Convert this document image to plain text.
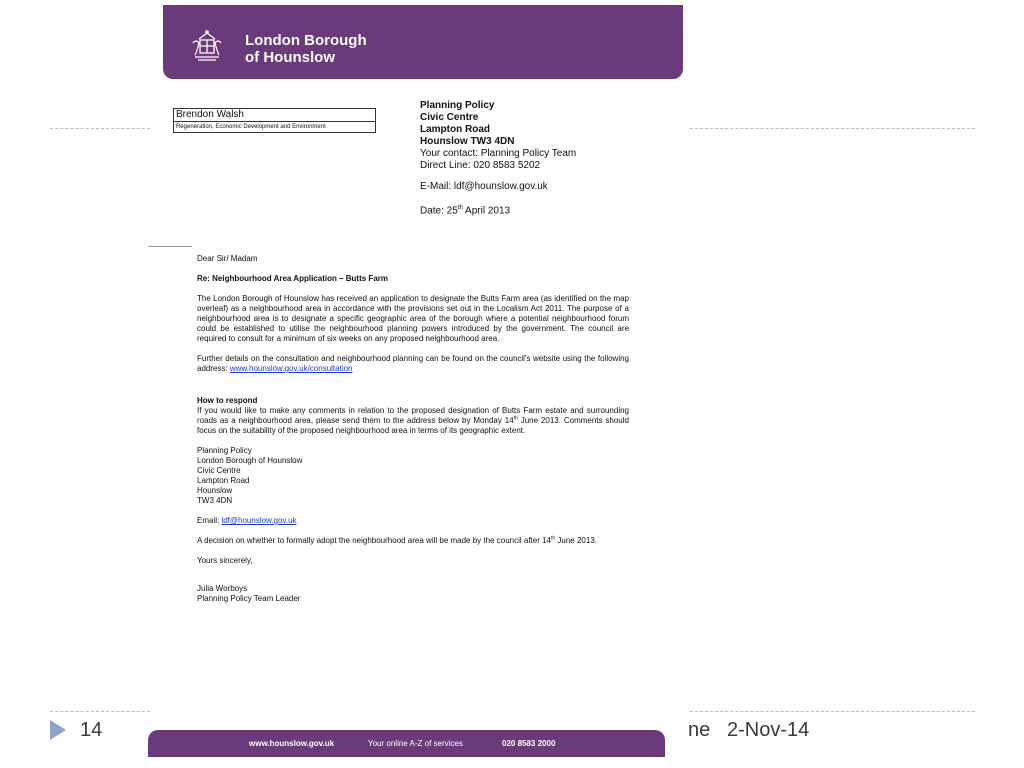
14	ne 2-Nov-14
London Borough
of Hounslow
Brendon Walsh
Regeneration, Economic Development and Environment

Planning Policy

Civic Centre

Lampton Road

Hounslow TW3 4DN

Your contact: Planning Policy Team

Direct Line: 020 8583 5202

E-Mail: ldf@hounslow.gov.uk

Date: 25th April 2013

Dear Sir/ Madam

Re: Neighbourhood Area Application – Butts Farm

The London Borough of Hounslow has received an application to designate the Butts Farm area (as identified on the map overleaf) as a neighbourhood area in accordance with the provisions set out in the Localism Act 2011. The purpose of a neighbourhood area is to designate a specific geographic area of the borough where a potential neighbourhood forum could be established to utilise the neighbourhood planning powers introduced by the government. The council are required to consult for a minimum of six weeks on any proposed neighbourhood area.

Further details on the consultation and neighbourhood planning can be found on the council's website using the following address: www.hounslow.gov.uk/consultation

How to respond

If you would like to make any comments in relation to the proposed designation of Butts Farm estate and surrounding roads as a neighbourhood area, please send them to the address below by Monday 14th June 2013. Comments should focus on the suitability of the proposed neighbourhood area in terms of its geographic extent.

Planning Policy
London Borough of Hounslow
Civic Centre
Lampton Road
Hounslow
TW3 4DN

Email: ldf@hounslow.gov.uk

A decision on whether to formally adopt the neighbourhood area will be made by the council after 14th June 2013.

Yours sincerely,

Julia Worboys

Planning Policy Team Leader

www.hounslow.gov.uk	Your online A-Z of services	020 8583 2000
